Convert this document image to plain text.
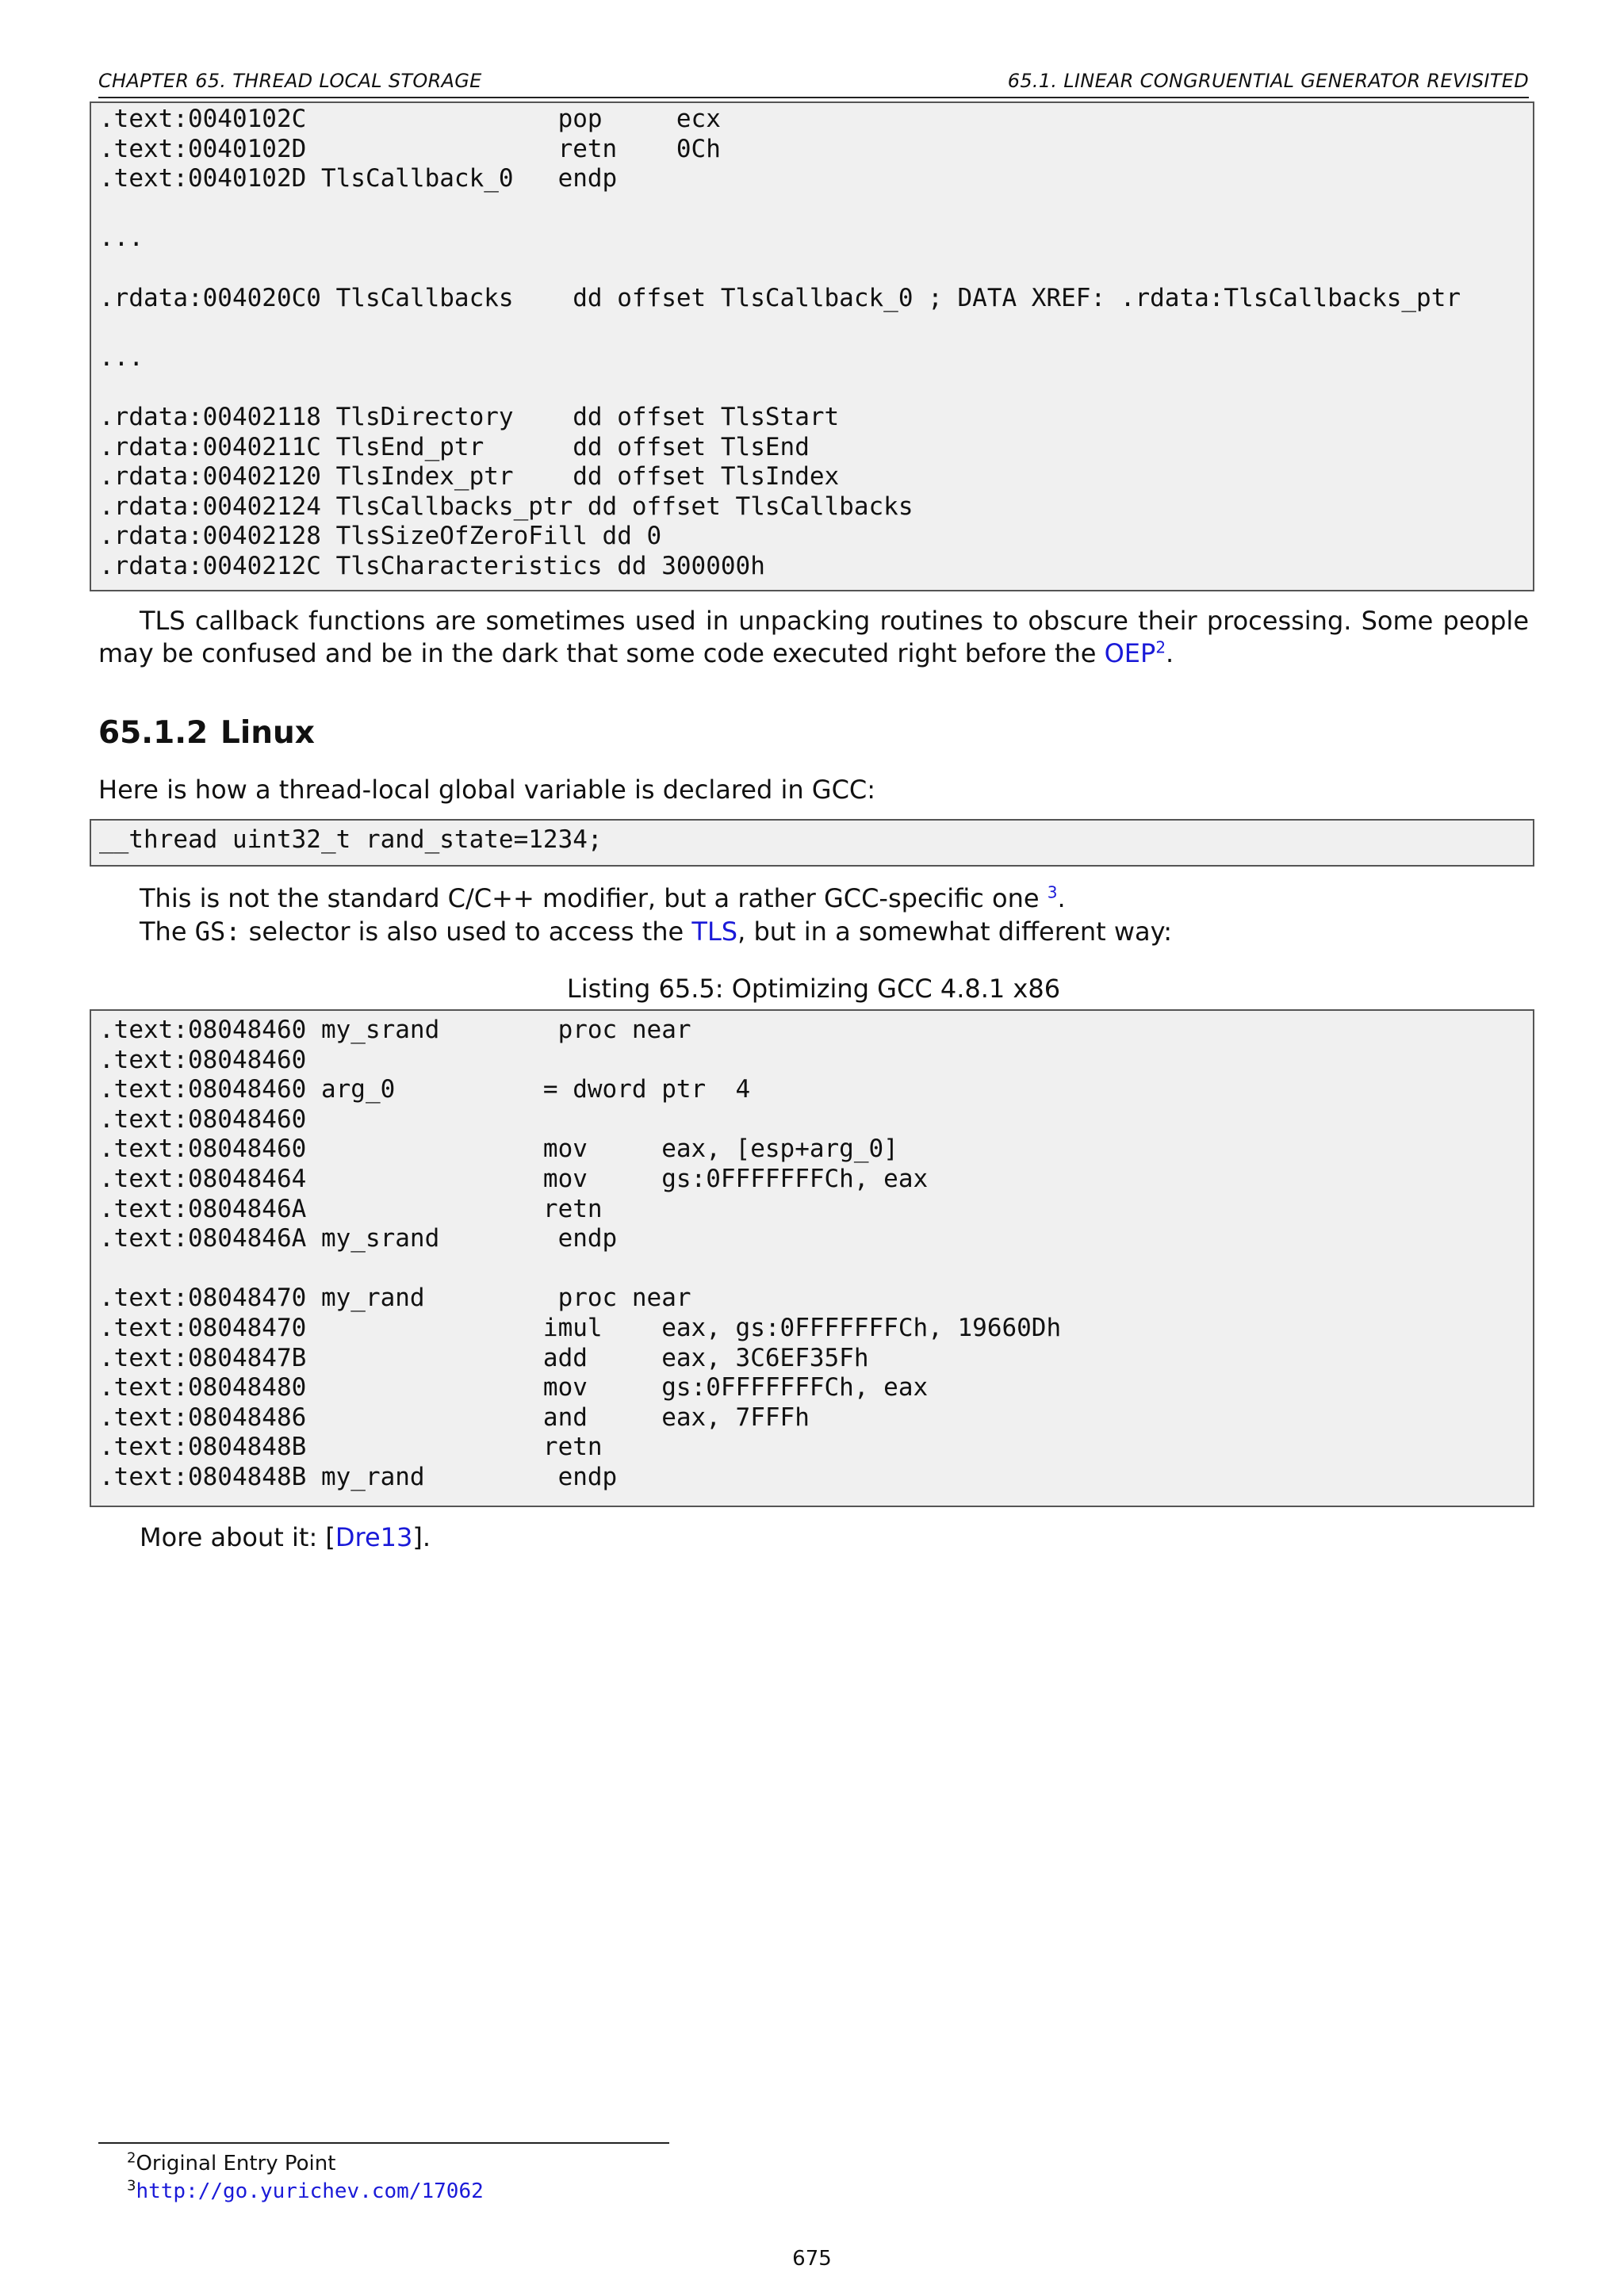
CHAPTER 65. THREAD LOCAL STORAGE	65.1. LINEAR CONGRUENTIAL GENERATOR REVISITED
.text:0040102C                 pop     ecx
.text:0040102D                 retn    0Ch
.text:0040102D TlsCallback_0   endp
...
.rdata:004020C0 TlsCallbacks    dd offset TlsCallback_0 ; DATA XREF: .rdata:TlsCallbacks_ptr
...
.rdata:00402118 TlsDirectory    dd offset TlsStart
.rdata:0040211C TlsEnd_ptr      dd offset TlsEnd
.rdata:00402120 TlsIndex_ptr    dd offset TlsIndex
.rdata:00402124 TlsCallbacks_ptr dd offset TlsCallbacks
.rdata:00402128 TlsSizeOfZeroFill dd 0
.rdata:0040212C TlsCharacteristics dd 300000h
TLS callback functions are sometimes used in unpacking routines to obscure their processing. Some people may be confused and be in the dark that some code executed right before the OEP$^2$.
65.1.2 Linux
Here is how a thread-local global variable is declared in GCC:
__thread uint32_t rand_state=1234;
This is not the standard C/C++ modifier, but a rather GCC-specific one $^3$.
The GS: selector is also used to access the TLS, but in a somewhat different way:
Listing 65.5: Optimizing GCC 4.8.1 x86
.text:08048460 my_srand        proc near
.text:08048460
.text:08048460 arg_0          = dword ptr  4
.text:08048460
.text:08048460                mov     eax, [esp+arg_0]
.text:08048464                mov     gs:0FFFFFFFCh, eax
.text:0804846A                retn
.text:0804846A my_srand        endp
.text:08048470 my_rand         proc near
.text:08048470                imul    eax, gs:0FFFFFFFCh, 19660Dh
.text:0804847B                add     eax, 3C6EF35Fh
.text:08048480                mov     gs:0FFFFFFFCh, eax
.text:08048486                and     eax, 7FFFh
.text:0804848B                retn
.text:0804848B my_rand         endp
More about it: [Dre13].
$^2$Original Entry Point
$^3$http://go.yurichev.com/17062
675
